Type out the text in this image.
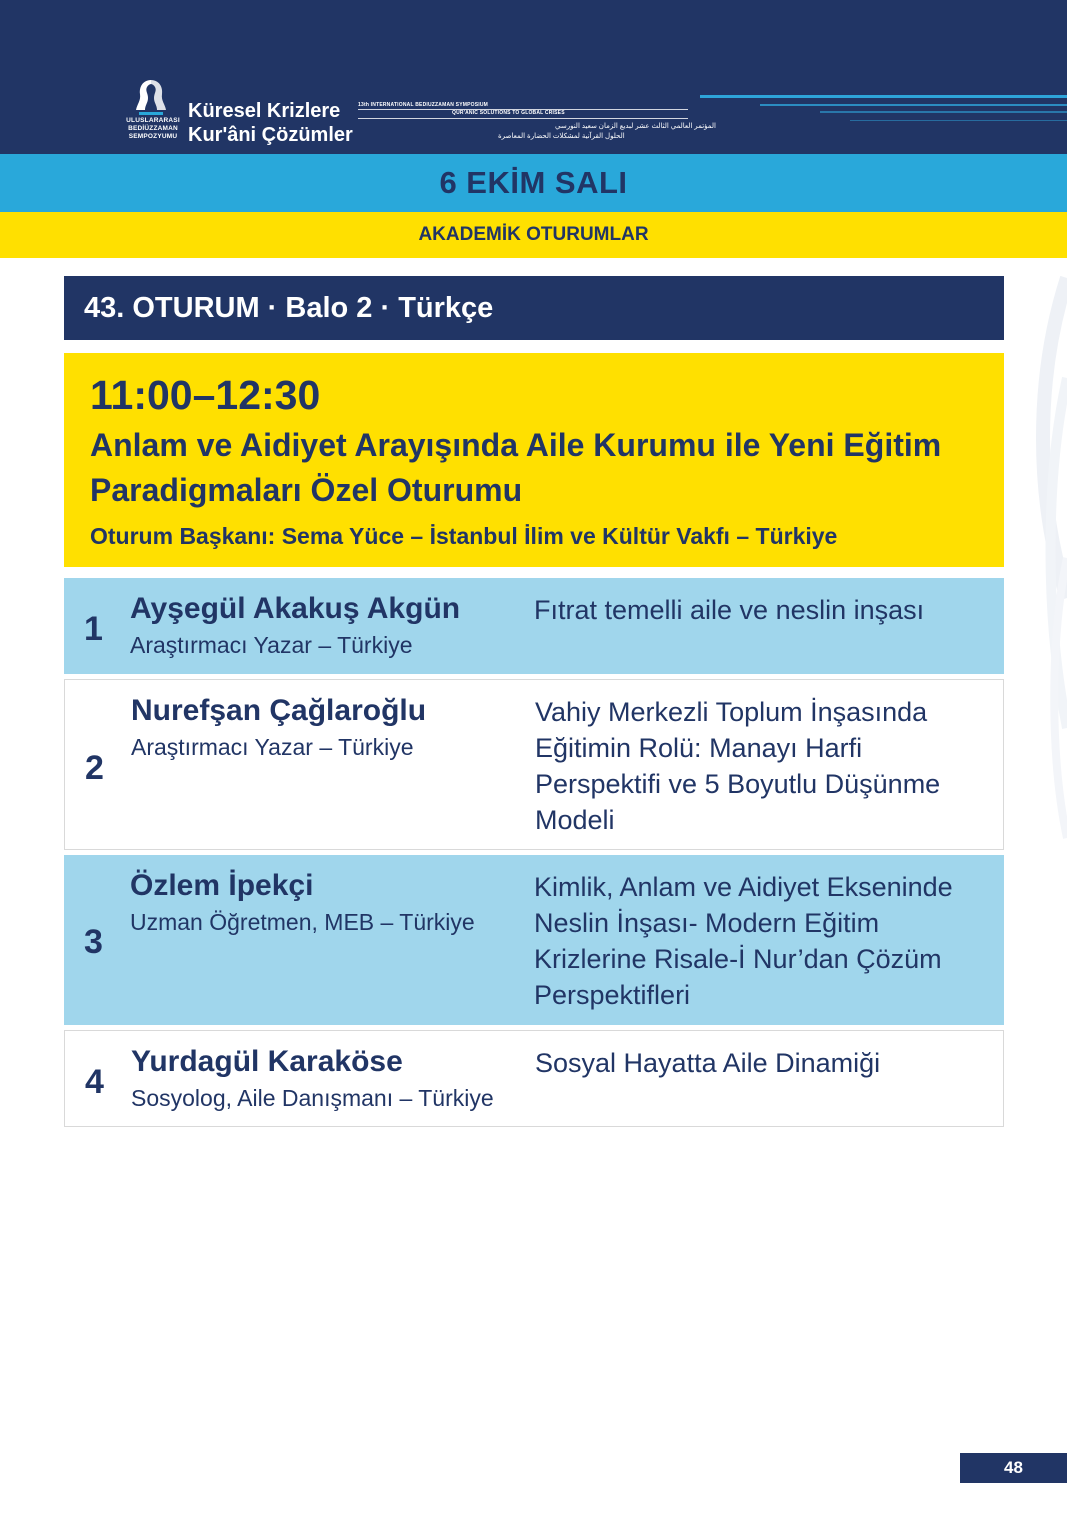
ULUSLARARASI
BEDİÜZZAMAN
SEMPOZYUMU
Küresel Krizlere
Kur'âni Çözümler
13th INTERNATIONAL BEDIUZZAMAN SYMPOSIUM
QUR'ANIC SOLUTIONS TO GLOBAL CRISES
المؤتمر العالمي الثالث عشر لبديع الزمان سعيد النورسي
الحلول القرآنية لمشكلات الحضارة المعاصرة
6 EKİM SALI
AKADEMİK OTURUMLAR
43. OTURUM · Balo 2 · Türkçe

11:00–12:30

Anlam ve Aidiyet Arayışında Aile Kurumu ile Yeni Eğitim Paradigmaları Özel Oturumu

Oturum Başkanı: Sema Yüce – İstanbul İlim ve Kültür Vakfı – Türkiye

1
Ayşegül Akakuş Akgün
Araştırmacı Yazar – Türkiye
Fıtrat temelli aile ve neslin inşası
2
Nurefşan Çağlaroğlu
Araştırmacı Yazar – Türkiye
Vahiy Merkezli Toplum İnşasında Eğitimin Rolü: Manayı Harfi Perspektifi ve 5 Boyutlu Düşünme Modeli
3
Özlem İpekçi
Uzman Öğretmen, MEB – Türkiye
Kimlik, Anlam ve Aidiyet Ekseninde Neslin İnşası- Modern Eğitim Krizlerine Risale-İ Nur’dan Çözüm Perspektifleri
4
Yurdagül Karaköse
Sosyolog, Aile Danışmanı – Türkiye
Sosyal Hayatta Aile Dinamiği
48
